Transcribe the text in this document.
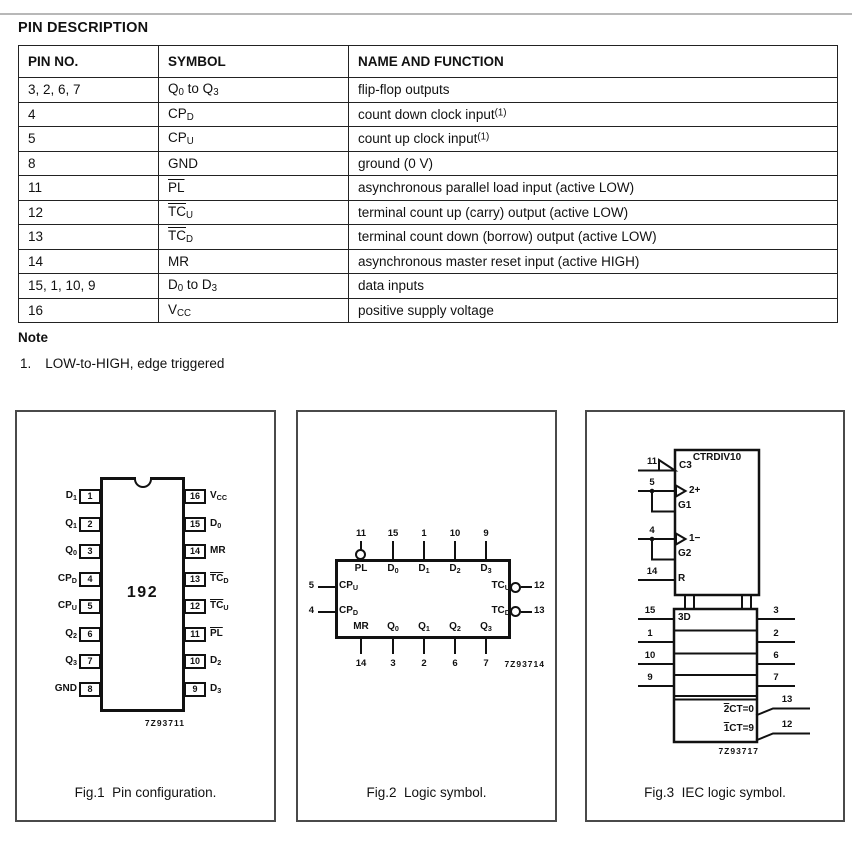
PIN DESCRIPTION
PIN NO.	SYMBOL	NAME AND FUNCTION
3, 2, 6, 7	$Q_0$ to $Q_3$	flip-flop outputs
4	$CP_D$	count down clock input$^{(1)}$
5	$CP_U$	count up clock input$^{(1)}$
8	GND	ground (0 V)
11	$\overline{PL}$	asynchronous parallel load input (active LOW)
12	$\overline{TC}_U$	terminal count up (carry) output (active LOW)
13	$\overline{TC}_D$	terminal count down (borrow) output (active LOW)
14	MR	asynchronous master reset input (active HIGH)
15, 1, 10, 9	$D_0$ to $D_3$	data inputs
16	$V_{CC}$	positive supply voltage
Note
1. LOW-to-HIGH, edge triggered
192
$D_1$
$Q_1$
$Q_0$
$CP_D$
$CP_U$
$Q_2$
$Q_3$
GND
1
2
3
4
5
6
7
8
16
15
14
13
12
11
10
9
$V_{CC}$
$D_0$
MR
$\overline{TC}_D$
$\overline{TC}_U$
$\overline{PL}$
$D_2$
$D_3$
7Z93711
Fig.1  Pin configuration.
11	15	1	10	9
PL	$D_0$	$D_1$	$D_2$	$D_3$
5	$CP_U$
4	$CP_D$
$TC_U$	12
$TC_D$	13
MR	$Q_0$	$Q_1$	$Q_2$	$Q_3$
14	3	2	6	7	7Z93714
Fig.2  Logic symbol.
CTRDIV10
11	C3
5
2+
G1
4
1−
G2
14
R
3D
15
1
10
9
3
2
6
7
2CT=0
13
1CT=9	12
7Z93717
Fig.3  IEC logic symbol.
